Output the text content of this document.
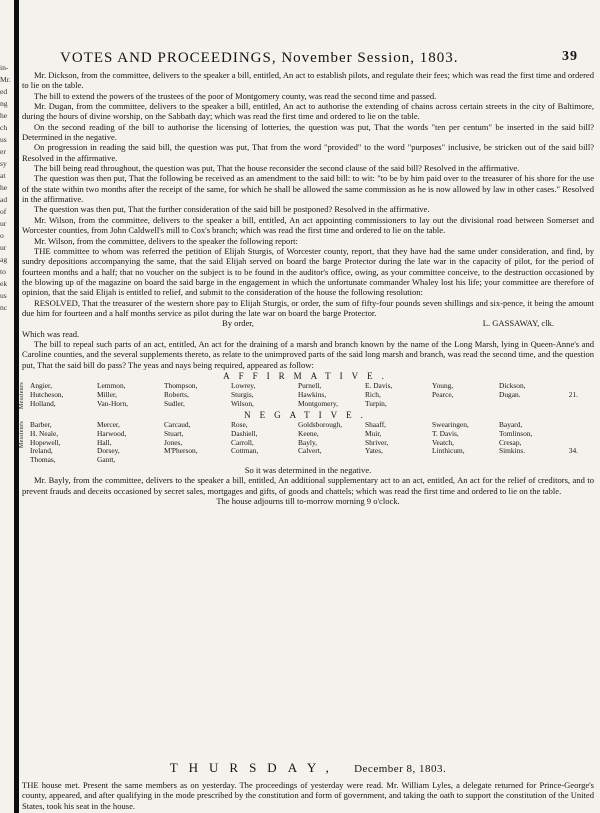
in-
Mr.
ed
ng
he
ch
us
er
sy
at
he
ad
of
ur
o
ur
ag
to
ek
us
nc
VOTES AND PROCEEDINGS, November Session, 1803.	39

Mr. Dickson, from the committee, delivers to the speaker a bill, entitled, An act to establish pilots, and regulate their fees; which was read the first time and ordered to lie on the table.

The bill to extend the powers of the trustees of the poor of Montgomery county, was read the second time and passed.

Mr. Dugan, from the committee, delivers to the speaker a bill, entitled, An act to authorise the extending of chains across certain streets in the city of Baltimore, during the hours of divine worship, on the Sabbath day; which was read the first time and ordered to lie on the table.

On the second reading of the bill to authorise the licensing of lotteries, the question was put, That the words "ten per centum" be inserted in the said bill? Determined in the negative.

On progression in reading the said bill, the question was put, That from the word "provided" to the word "purposes" inclusive, be stricken out of the said bill? Resolved in the affirmative.

The bill being read throughout, the question was put, That the house reconsider the second clause of the said bill? Resolved in the affirmative.

The question was then put, That the following be received as an amendment to the said bill: to wit: "to be by him paid over to the treasurer of his shore for the use of the state within two months after the receipt of the same, for which he shall be allowed the same commission as he is now allowed by law in other cases." Resolved in the affirmative.

The question was then put, That the further consideration of the said bill be postponed? Resolved in the affirmative.

Mr. Wilson, from the committee, delivers to the speaker a bill, entitled, An act appointing commissioners to lay out the divisional road between Somerset and Worcester counties, from John Caldwell's mill to Cox's branch; which was read the first time and ordered to lie on the table.

Mr. Wilson, from the committee, delivers to the speaker the following report:

THE committee to whom was referred the petition of Elijah Sturgis, of Worcester county, report, that they have had the same under consideration, and find, by sundry depositions accompanying the same, that the said Elijah served on board the barge Protector during the late war in the capacity of pilot, for the period of fourteen months and a half; that no voucher on the subject is to be found in the auditor's office, owing, as your committee conceive, to the destruction occasioned by the blowing up of the magazine on board the said barge in the engagement in which the unfortunate commander Whaley lost his life; your committee are therefore of opinion, that the said Elijah is entitled to relief, and submit to the consideration of the house the following resolution:

RESOLVED, That the treasurer of the western shore pay to Elijah Sturgis, or order, the sum of fifty-four pounds seven shillings and six-pence, it being the amount due him for fourteen and a half months service as pilot during the late war on board the barge Protector.

By order,	L. GASSAWAY, clk.

Which was read.

The bill to repeal such parts of an act, entitled, An act for the draining of a marsh and branch known by the name of the Long Marsh, lying in Queen-Anne's and Caroline counties, and the several supplements thereto, as relate to the unimproved parts of the said long marsh and branch, was read the second time, and the question put, That the said bill do pass? The yeas and nays being required, appeared as follow:

AFFIRMATIVE.
Messieurs Angier,	Lemmon,	Thompson,	Lowrey,	Purnell,	E. Davis,	Young,	Dickson,
Hutcheson,	Miller,	Roberts,	Sturgis,	Hawkins,	Rich,	Pearce,	Dugan.	21.
Holland,	Van-Horn,	Sudler,	Wilson,	Montgomery,	Turpin,
NEGATIVE.
Messieurs Barber,	Mercer,	Carcaud,	Rose,	Goldsborough,	Shaaff,	Swearingen,	Bayard,
H. Neale,	Harwood,	Stuart,	Dashiell,	Keene,	Muir,	T. Davis,	Tomlinson,
Hopewell,	Hall,	Jones,	Carroll,	Bayly,	Shriver,	Veatch,	Cresap,
Ireland,	Dorsey,	M'Pherson,	Cottman,	Calvert,	Yates,	Linthicum,	Simkins.	34.
Thomas,	Gantt,

So it was determined in the negative.

Mr. Bayly, from the committee, delivers to the speaker a bill, entitled, An additional supplementary act to an act, entitled, An act for the relief of creditors, and to prevent frauds and deceits occasioned by secret sales, mortgages and gifts, of goods and chattels; which was read the first time and ordered to lie on the table.

The house adjourns till to-morrow morning 9 o'clock.

THURSDAY, December 8, 1803.

THE house met. Present the same members as on yesterday. The proceedings of yesterday were read. Mr. William Lyles, a delegate returned for Prince-George's county, appeared, and after qualifying in the mode prescribed by the constitution and form of government, and taking the oath to support the constitution of the United States, took his seat in the house.
